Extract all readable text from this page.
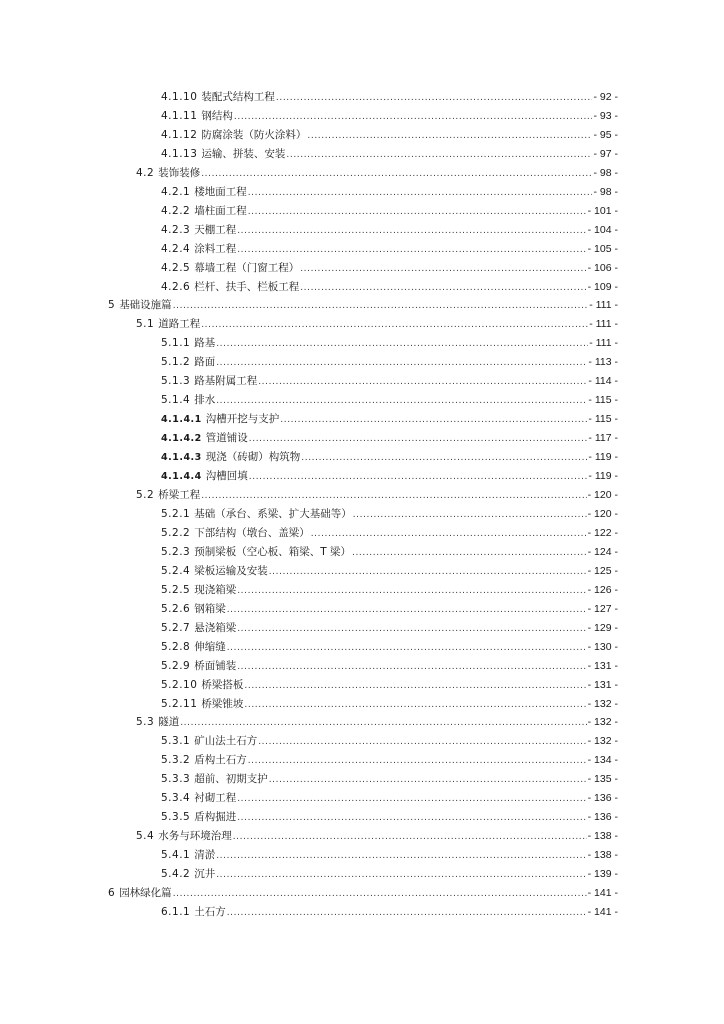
4.1.10 装配式结构工程 .....	- 92 -
4.1.11 钢结构 .....	- 93 -
4.1.12 防腐涂装（防火涂料） .....	- 95 -
4.1.13 运输、拼装、安装 .....	- 97 -
4.2 装饰装修 .....	- 98 -
4.2.1 楼地面工程 .....	- 98 -
4.2.2 墙柱面工程 .....	- 101 -
4.2.3 天棚工程 .....	- 104 -
4.2.4 涂料工程 .....	- 105 -
4.2.5 幕墙工程（门窗工程） .....	- 106 -
4.2.6 栏杆、扶手、栏板工程 .....	- 109 -
5 基础设施篇 .....	- 111 -
5.1 道路工程 .....	- 111 -
5.1.1 路基 .....	- 111 -
5.1.2 路面 .....	- 113 -
5.1.3 路基附属工程 .....	- 114 -
5.1.4 排水 .....	- 115 -
4.1.4.1 沟槽开挖与支护 .....	- 115 -
4.1.4.2 管道铺设 .....	- 117 -
4.1.4.3 现浇（砖砌）构筑物 .....	- 119 -
4.1.4.4 沟槽回填 .....	- 119 -
5.2 桥梁工程 .....	- 120 -
5.2.1 基础（承台、系梁、扩大基础等） .....	- 120 -
5.2.2 下部结构（墩台、盖梁） .....	- 122 -
5.2.3 预制梁板（空心板、箱梁、T 梁） .....	- 124 -
5.2.4 梁板运输及安装 .....	- 125 -
5.2.5 现浇箱梁 .....	- 126 -
5.2.6 钢箱梁 .....	- 127 -
5.2.7 悬浇箱梁 .....	- 129 -
5.2.8 伸缩缝 .....	- 130 -
5.2.9 桥面铺装 .....	- 131 -
5.2.10 桥梁搭板 .....	- 131 -
5.2.11 桥梁锥坡 .....	- 132 -
5.3 隧道 .....	- 132 -
5.3.1 矿山法土石方 .....	- 132 -
5.3.2 盾构土石方 .....	- 134 -
5.3.3 超前、初期支护 .....	- 135 -
5.3.4 衬砌工程 .....	- 136 -
5.3.5 盾构掘进 .....	- 136 -
5.4 水务与环境治理 .....	- 138 -
5.4.1 清淤 .....	- 138 -
5.4.2 沉井 .....	- 139 -
6 园林绿化篇 .....	- 141 -
6.1.1 土石方 .....	- 141 -
